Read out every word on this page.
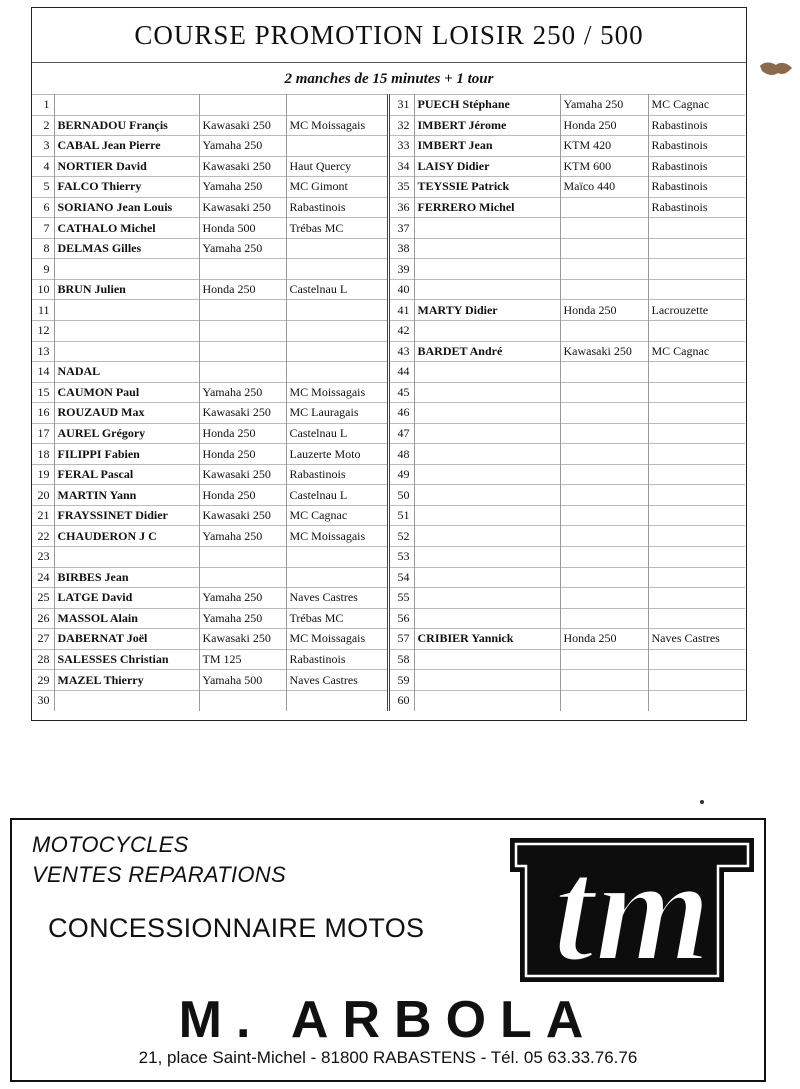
COURSE PROMOTION LOISIR 250 / 500
2 manches de 15 minutes + 1 tour
1			
2	BERNADOU Françis	Kawasaki 250	MC Moissagais
3	CABAL Jean Pierre	Yamaha 250	
4	NORTIER David	Kawasaki 250	Haut Quercy
5	FALCO Thierry	Yamaha 250	MC Gimont
6	SORIANO Jean Louis	Kawasaki 250	Rabastinois
7	CATHALO Michel	Honda 500	Trébas MC
8	DELMAS Gilles	Yamaha 250	
9			
10	BRUN Julien	Honda 250	Castelnau L
11			
12			
13			
14	NADAL		
15	CAUMON Paul	Yamaha 250	MC Moissagais
16	ROUZAUD Max	Kawasaki 250	MC Lauragais
17	AUREL Grégory	Honda 250	Castelnau L
18	FILIPPI Fabien	Honda 250	Lauzerte Moto
19	FERAL Pascal	Kawasaki 250	Rabastinois
20	MARTIN Yann	Honda 250	Castelnau L
21	FRAYSSINET Didier	Kawasaki 250	MC Cagnac
22	CHAUDERON J C	Yamaha 250	MC Moissagais
23			
24	BIRBES Jean		
25	LATGE David	Yamaha 250	Naves Castres
26	MASSOL Alain	Yamaha 250	Trébas MC
27	DABERNAT Joël	Kawasaki 250	MC Moissagais
28	SALESSES Christian	TM 125	Rabastinois
29	MAZEL Thierry	Yamaha 500	Naves Castres
30			
31	PUECH Stéphane	Yamaha 250	MC Cagnac
32	IMBERT Jérome	Honda 250	Rabastinois
33	IMBERT Jean	KTM 420	Rabastinois
34	LAISY Didier	KTM 600	Rabastinois
35	TEYSSIE Patrick	Maïco 440	Rabastinois
36	FERRERO Michel		Rabastinois
37			
38			
39			
40			
41	MARTY Didier	Honda 250	Lacrouzette
42			
43	BARDET André	Kawasaki 250	MC Cagnac
44			
45			
46			
47			
48			
49			
50			
51			
52			
53			
54			
55			
56			
57	CRIBIER Yannick	Honda 250	Naves Castres
58			
59			
60			
MOTOCYCLES
VENTES REPARATIONS
CONCESSIONNAIRE MOTOS tm
M. ARBOLA
21, place Saint-Michel - 81800 RABASTENS - Tél. 05 63.33.76.76
